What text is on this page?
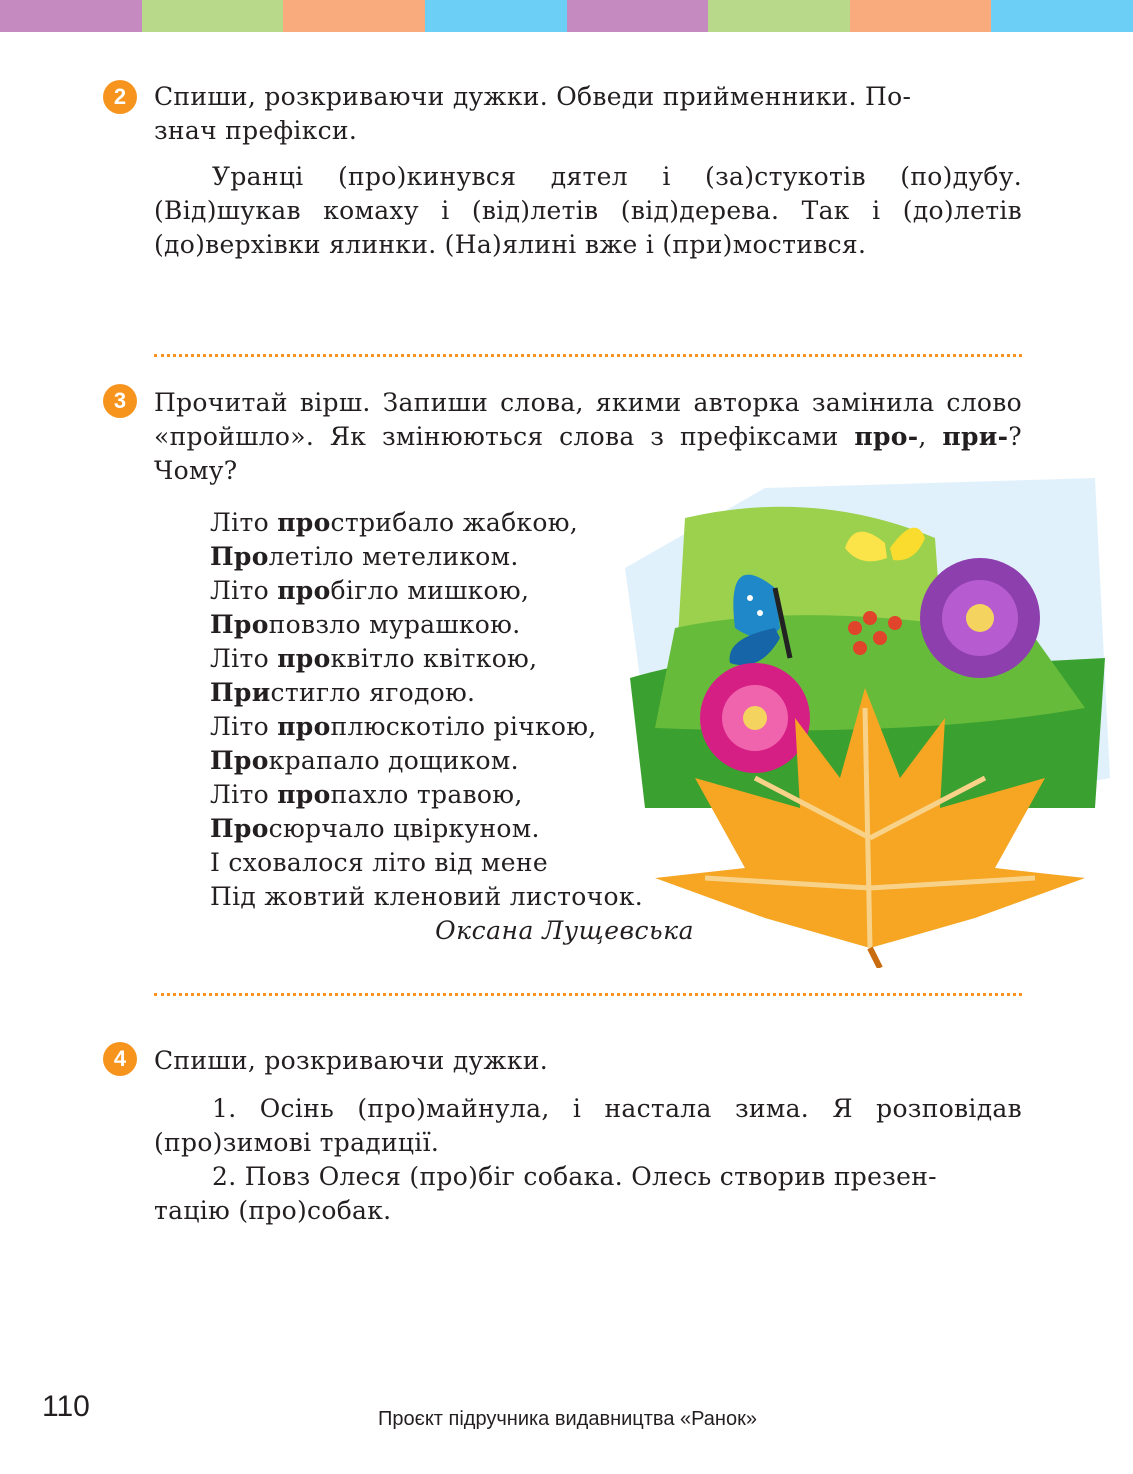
2	Спиши, розкриваючи дужки. Обведи прийменники. По-
знач префікси.

Уранці (про)кинувся дятел і (за)стукотів (по)дубу. (Від)шукав комаху і (від)летів (від)дерева. Так і (до)летів (до)верхівки ялинки. (На)ялині вже і (при)мостився.

3	Прочитай вірш. Запиши слова, якими авторка замінила слово «пройшло». Як змінюються слова з префіксами про-, при-? Чому?
Літо прострибало жабкою,
Пролетіло метеликом.
Літо пробігло мишкою,
Проповзло мурашкою.
Літо проквітло квіткою,
Пристигло ягодою.
Літо проплюскотіло річкою,
Прокрапало дощиком.
Літо пропахло травою,
Просюрчало цвіркуном.
І сховалося літо від мене
Під жовтий кленовий листочок.
Оксана Лущевська
4	Спиши, розкриваючи дужки.

1. Осінь (про)майнула, і настала зима. Я розповідав (про)зимові традиції.

2. Повз Олеся (про)біг собака. Олесь створив презен-
тацію (про)собак.

110	Проєкт підручника видавництва «Ранок»
